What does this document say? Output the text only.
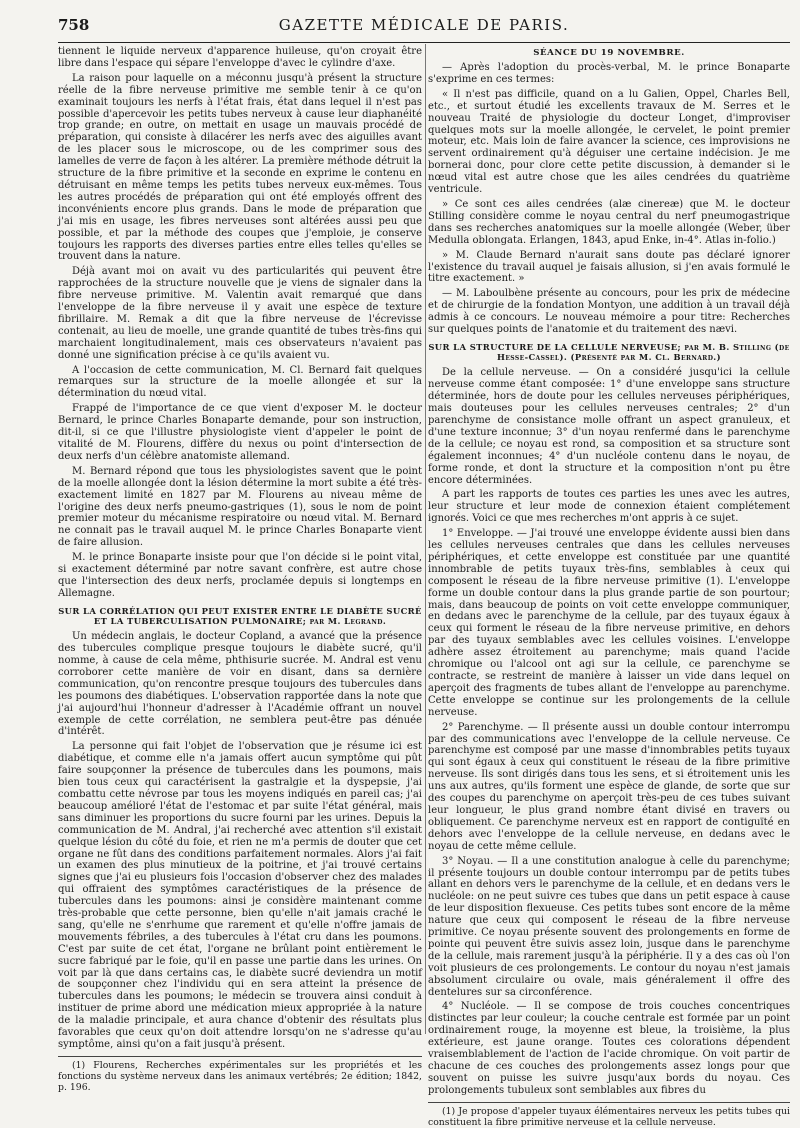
758	GAZETTE MÉDICALE DE PARIS.

tiennent le liquide nerveux d'apparence huileuse, qu'on croyait être libre dans l'espace qui sépare l'enveloppe d'avec le cylindre d'axe.

La raison pour laquelle on a méconnu jusqu'à présent la structure réelle de la fibre nerveuse primitive me semble tenir à ce qu'on examinait toujours les nerfs à l'état frais, état dans lequel il n'est pas possible d'apercevoir les petits tubes nerveux à cause leur diaphanéité trop grande; en outre, on mettait en usage un mauvais procédé de préparation, qui consiste à dilacérer les nerfs avec des aiguilles avant de les placer sous le microscope, ou de les comprimer sous des lamelles de verre de façon à les altérer. La première méthode détruit la structure de la fibre primitive et la seconde en exprime le contenu en détruisant en même temps les petits tubes nerveux eux-mêmes. Tous les autres procédés de préparation qui ont été employés offrent des inconvénients encore plus grands. Dans le mode de préparation que j'ai mis en usage, les fibres nerveuses sont altérées aussi peu que possible, et par la méthode des coupes que j'emploie, je conserve toujours les rapports des diverses parties entre elles telles qu'elles se trouvent dans la nature.

Déjà avant moi on avait vu des particularités qui peuvent être rapprochées de la structure nouvelle que je viens de signaler dans la fibre nerveuse primitive. M. Valentin avait remarqué que dans l'enveloppe de la fibre nerveuse il y avait une espèce de texture fibrillaire. M. Remak a dit que la fibre nerveuse de l'écrevisse contenait, au lieu de moelle, une grande quantité de tubes très-fins qui marchaient longitudinalement, mais ces observateurs n'avaient pas donné une signification précise à ce qu'ils avaient vu.

A l'occasion de cette communication, M. Cl. Bernard fait quelques remarques sur la structure de la moelle allongée et sur la détermination du nœud vital.

Frappé de l'importance de ce que vient d'exposer M. le docteur Bernard, le prince Charles Bonaparte demande, pour son instruction, dit-il, si ce que l'illustre physiologiste vient d'appeler le point de vitalité de M. Flourens, diffère du nexus ou point d'intersection de deux nerfs d'un célèbre anatomiste allemand.

M. Bernard répond que tous les physiologistes savent que le point de la moelle allongée dont la lésion détermine la mort subite a été très-exactement limité en 1827 par M. Flourens au niveau même de l'origine des deux nerfs pneumo-gastriques (1), sous le nom de point premier moteur du mécanisme respiratoire ou nœud vital. M. Bernard ne connait pas le travail auquel M. le prince Charles Bonaparte vient de faire allusion.

M. le prince Bonaparte insiste pour que l'on décide si le point vital, si exactement déterminé par notre savant confrère, est autre chose que l'intersection des deux nerfs, proclamée depuis si longtemps en Allemagne.

SUR LA CORRÉLATION QUI PEUT EXISTER ENTRE LE DIABÈTE SUCRÉ ET LA TUBERCULISATION PULMONAIRE; par M. Legrand.

Un médecin anglais, le docteur Copland, a avancé que la présence des tubercules complique presque toujours le diabète sucré, qu'il nomme, à cause de cela même, phthisurie sucrée. M. Andral est venu corroborer cette manière de voir en disant, dans sa dernière communication, qu'on rencontre presque toujours des tubercules dans les poumons des diabétiques. L'observation rapportée dans la note que j'ai aujourd'hui l'honneur d'adresser à l'Académie offrant un nouvel exemple de cette corrélation, ne semblera peut-être pas dénuée d'intérêt.

La personne qui fait l'objet de l'observation que je résume ici est diabétique, et comme elle n'a jamais offert aucun symptôme qui pût faire soupçonner la présence de tubercules dans les poumons, mais bien tous ceux qui caractérisent la gastralgie et la dyspepsie, j'ai combattu cette névrose par tous les moyens indiqués en pareil cas; j'ai beaucoup amélioré l'état de l'estomac et par suite l'état général, mais sans diminuer les proportions du sucre fourni par les urines. Depuis la communication de M. Andral, j'ai recherché avec attention s'il existait quelque lésion du côté du foie, et rien ne m'a permis de douter que cet organe ne fût dans des conditions parfaitement normales. Alors j'ai fait un examen des plus minutieux de la poitrine, et j'ai trouvé certains signes que j'ai eu plusieurs fois l'occasion d'observer chez des malades qui offraient des symptômes caractéristiques de la présence de tubercules dans les poumons: ainsi je considère maintenant comme très-probable que cette personne, bien qu'elle n'ait jamais craché le sang, qu'elle ne s'enrhume que rarement et qu'elle n'offre jamais de mouvements fébriles, a des tubercules à l'état cru dans les poumons. C'est par suite de cet état, l'organe ne brûlant point entièrement le sucre fabriqué par le foie, qu'il en passe une partie dans les urines. On voit par là que dans certains cas, le diabète sucré deviendra un motif de soupçonner chez l'individu qui en sera atteint la présence de tubercules dans les poumons; le médecin se trouvera ainsi conduit à instituer de prime abord une médication mieux appropriée à la nature de la maladie principale, et aura chance d'obtenir des résultats plus favorables que ceux qu'on doit attendre lorsqu'on ne s'adresse qu'au symptôme, ainsi qu'on a fait jusqu'à présent.

(1) Flourens, Recherches expérimentales sur les propriétés et les fonctions du système nerveux dans les animaux vertébrés; 2e édition; 1842, p. 196.

SÉANCE DU 19 NOVEMBRE.

— Après l'adoption du procès-verbal, M. le prince Bonaparte s'exprime en ces termes:

« Il n'est pas difficile, quand on a lu Galien, Oppel, Charles Bell, etc., et surtout étudié les excellents travaux de M. Serres et le nouveau Traité de physiologie du docteur Longet, d'improviser quelques mots sur la moelle allongée, le cervelet, le point premier moteur, etc. Mais loin de faire avancer la science, ces improvisions ne servent ordinairement qu'à déguiser une certaine indécision. Je me bornerai donc, pour clore cette petite discussion, à demander si le nœud vital est autre chose que les ailes cendrées du quatrième ventricule.

» Ce sont ces ailes cendrées (alæ cinereæ) que M. le docteur Stilling considère comme le noyau central du nerf pneumogastrique dans ses recherches anatomiques sur la moelle allongée (Weber, über Medulla oblongata. Erlangen, 1843, apud Enke, in-4°. Atlas in-folio.)

» M. Claude Bernard n'aurait sans doute pas déclaré ignorer l'existence du travail auquel je faisais allusion, si j'en avais formulé le titre exactement. »

— M. Laboulbène présente au concours, pour les prix de médecine et de chirurgie de la fondation Montyon, une addition à un travail déjà admis à ce concours. Le nouveau mémoire a pour titre: Recherches sur quelques points de l'anatomie et du traitement des nævi.

SUR LA STRUCTURE DE LA CELLULE NERVEUSE; par M. B. Stilling (de Hesse-Cassel). (Présenté par M. Cl. Bernard.)

De la cellule nerveuse. — On a considéré jusqu'ici la cellule nerveuse comme étant composée: 1° d'une enveloppe sans structure déterminée, hors de doute pour les cellules nerveuses périphériques, mais douteuses pour les cellules nerveuses centrales; 2° d'un parenchyme de consistance molle offrant un aspect granuleux, et d'une texture inconnue; 3° d'un noyau renfermé dans le parenchyme de la cellule; ce noyau est rond, sa composition et sa structure sont également inconnues; 4° d'un nucléole contenu dans le noyau, de forme ronde, et dont la structure et la composition n'ont pu être encore déterminées.

A part les rapports de toutes ces parties les unes avec les autres, leur structure et leur mode de connexion étaient complétement ignorés. Voici ce que mes recherches m'ont appris à ce sujet.

1° Enveloppe. — J'ai trouvé une enveloppe évidente aussi bien dans les cellules nerveuses centrales que dans les cellules nerveuses périphériques, et cette enveloppe est constituée par une quantité innombrable de petits tuyaux très-fins, semblables à ceux qui composent le réseau de la fibre nerveuse primitive (1). L'enveloppe forme un double contour dans la plus grande partie de son pourtour; mais, dans beaucoup de points on voit cette enveloppe communiquer, en dedans avec le parenchyme de la cellule, par des tuyaux égaux à ceux qui forment le réseau de la fibre nerveuse primitive, en dehors par des tuyaux semblables avec les cellules voisines. L'enveloppe adhère assez étroitement au parenchyme; mais quand l'acide chromique ou l'alcool ont agi sur la cellule, ce parenchyme se contracte, se restreint de manière à laisser un vide dans lequel on aperçoit des fragments de tubes allant de l'enveloppe au parenchyme. Cette enveloppe se continue sur les prolongements de la cellule nerveuse.

2° Parenchyme. — Il présente aussi un double contour interrompu par des communications avec l'enveloppe de la cellule nerveuse. Ce parenchyme est composé par une masse d'innombrables petits tuyaux qui sont égaux à ceux qui constituent le réseau de la fibre primitive nerveuse. Ils sont dirigés dans tous les sens, et si étroitement unis les uns aux autres, qu'ils forment une espèce de glande, de sorte que sur des coupes du parenchyme on aperçoit très-peu de ces tubes suivant leur longueur, le plus grand nombre étant divisé en travers ou obliquement. Ce parenchyme nerveux est en rapport de contiguïté en dehors avec l'enveloppe de la cellule nerveuse, en dedans avec le noyau de cette même cellule.

3° Noyau. — Il a une constitution analogue à celle du parenchyme; il présente toujours un double contour interrompu par de petits tubes allant en dehors vers le parenchyme de la cellule, et en dedans vers le nucléole: on ne peut suivre ces tubes que dans un petit espace à cause de leur disposition flexueuse. Ces petits tubes sont encore de la même nature que ceux qui composent le réseau de la fibre nerveuse primitive. Ce noyau présente souvent des prolongements en forme de pointe qui peuvent être suivis assez loin, jusque dans le parenchyme de la cellule, mais rarement jusqu'à la périphérie. Il y a des cas où l'on voit plusieurs de ces prolongements. Le contour du noyau n'est jamais absolument circulaire ou ovale, mais généralement il offre des dentelures sur sa circonférence.

4° Nucléole. — Il se compose de trois couches concentriques distinctes par leur couleur; la couche centrale est formée par un point ordinairement rouge, la moyenne est bleue, la troisième, la plus extérieure, est jaune orange. Toutes ces colorations dépendent vraisemblablement de l'action de l'acide chromique. On voit partir de chacune de ces couches des prolongements assez longs pour que souvent on puisse les suivre jusqu'aux bords du noyau. Ces prolongements tubuleux sont semblables aux fibres du

(1) Je propose d'appeler tuyaux élémentaires nerveux les petits tubes qui constituent la fibre primitive nerveuse et la cellule nerveuse.
